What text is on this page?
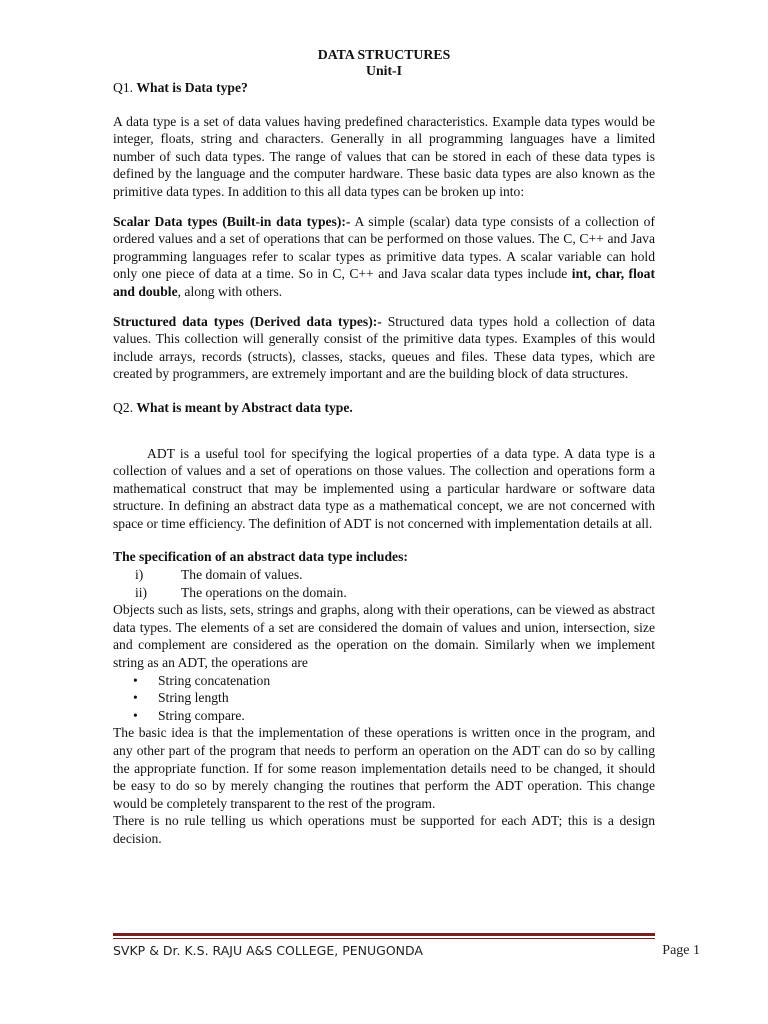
DATA STRUCTURES
Unit-I
Q1. What is Data type?

A data type is a set of data values having predefined characteristics. Example data types would be integer, floats, string and characters. Generally in all programming languages have a limited number of such data types. The range of values that can be stored in each of these data types is defined by the language and the computer hardware. These basic data types are also known as the primitive data types. In addition to this all data types can be broken up into:

Scalar Data types (Built-in data types):- A simple (scalar) data type consists of a collection of ordered values and a set of operations that can be performed on those values. The C, C++ and Java programming languages refer to scalar types as primitive data types. A scalar variable can hold only one piece of data at a time. So in C, C++ and Java scalar data types include int, char, float and double, along with others.

Structured data types (Derived data types):- Structured data types hold a collection of data values. This collection will generally consist of the primitive data types. Examples of this would include arrays, records (structs), classes, stacks, queues and files. These data types, which are created by programmers, are extremely important and are the building block of data structures.

Q2. What is meant by Abstract data type.

ADT is a useful tool for specifying the logical properties of a data type. A data type is a collection of values and a set of operations on those values. The collection and operations form a mathematical construct that may be implemented using a particular hardware or software data structure. In defining an abstract data type as a mathematical concept, we are not concerned with space or time efficiency. The definition of ADT is not concerned with implementation details at all.

The specification of an abstract data type includes:
i)	The domain of values.
ii)	The operations on the domain.

Objects such as lists, sets, strings and graphs, along with their operations, can be viewed as abstract data types. The elements of a set are considered the domain of values and union, intersection, size and complement are considered as the operation on the domain. Similarly when we implement string as an ADT, the operations are

•	String concatenation
•	String length
•	String compare.

The basic idea is that the implementation of these operations is written once in the program, and any other part of the program that needs to perform an operation on the ADT can do so by calling the appropriate function. If for some reason implementation details need to be changed, it should be easy to do so by merely changing the routines that perform the ADT operation. This change would be completely transparent to the rest of the program.

There is no rule telling us which operations must be supported for each ADT; this is a design decision.

SVKP & Dr. K.S. RAJU A&S COLLEGE, PENUGONDA	Page 1
